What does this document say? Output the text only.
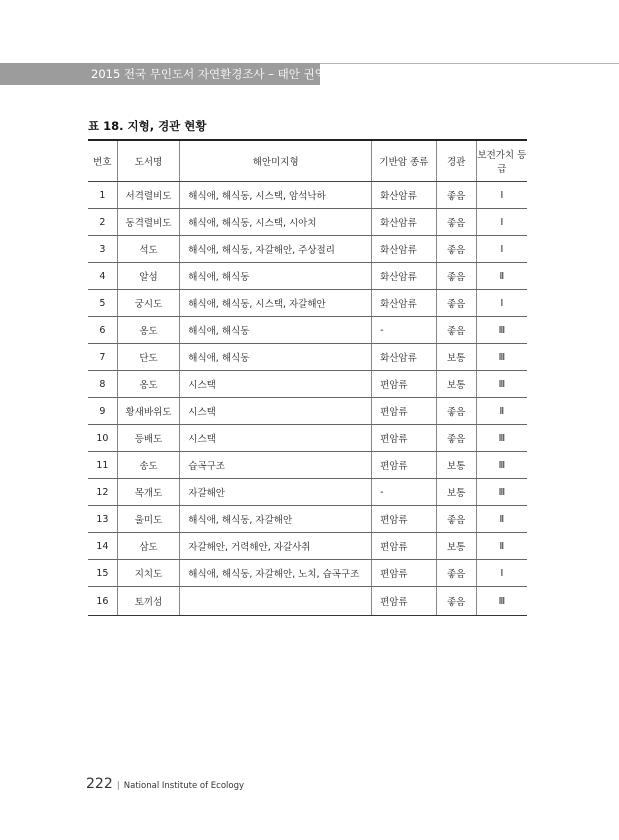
2015 전국 무인도서 자연환경조사 – 태안 권역
표 18. 지형, 경관 현황
번호	도서명	해안미지형	기반암 종류	경관	보전가치 등급
1	서격렬비도	해식애, 해식동, 시스택, 암석낙하	화산암류	좋음	Ⅰ
2	동격렬비도	해식애, 해식동, 시스택, 시아치	화산암류	좋음	Ⅰ
3	석도	해식애, 해식동, 자갈해안, 주상절리	화산암류	좋음	Ⅰ
4	알섬	해식애, 해식동	화산암류	좋음	Ⅱ
5	궁시도	해식애, 해식동, 시스택, 자갈해안	화산암류	좋음	Ⅰ
6	옹도	해식애, 해식동	-	좋음	Ⅲ
7	단도	해식애, 해식동	화산암류	보통	Ⅲ
8	옹도	시스택	편암류	보통	Ⅲ
9	황새바위도	시스택	편암류	좋음	Ⅱ
10	등배도	시스택	편암류	좋음	Ⅲ
11	송도	습곡구조	편암류	보통	Ⅲ
12	목개도	자갈해안	-	보통	Ⅲ
13	울미도	해식애, 해식동, 자갈해안	편암류	좋음	Ⅱ
14	삼도	자갈해안, 거력해안, 자갈사취	편암류	보통	Ⅱ
15	지치도	해식애, 해식동, 자갈해안, 노치, 습곡구조	편암류	좋음	Ⅰ
16	토끼섬		편암류	좋음	Ⅲ
222 | National Institute of Ecology
